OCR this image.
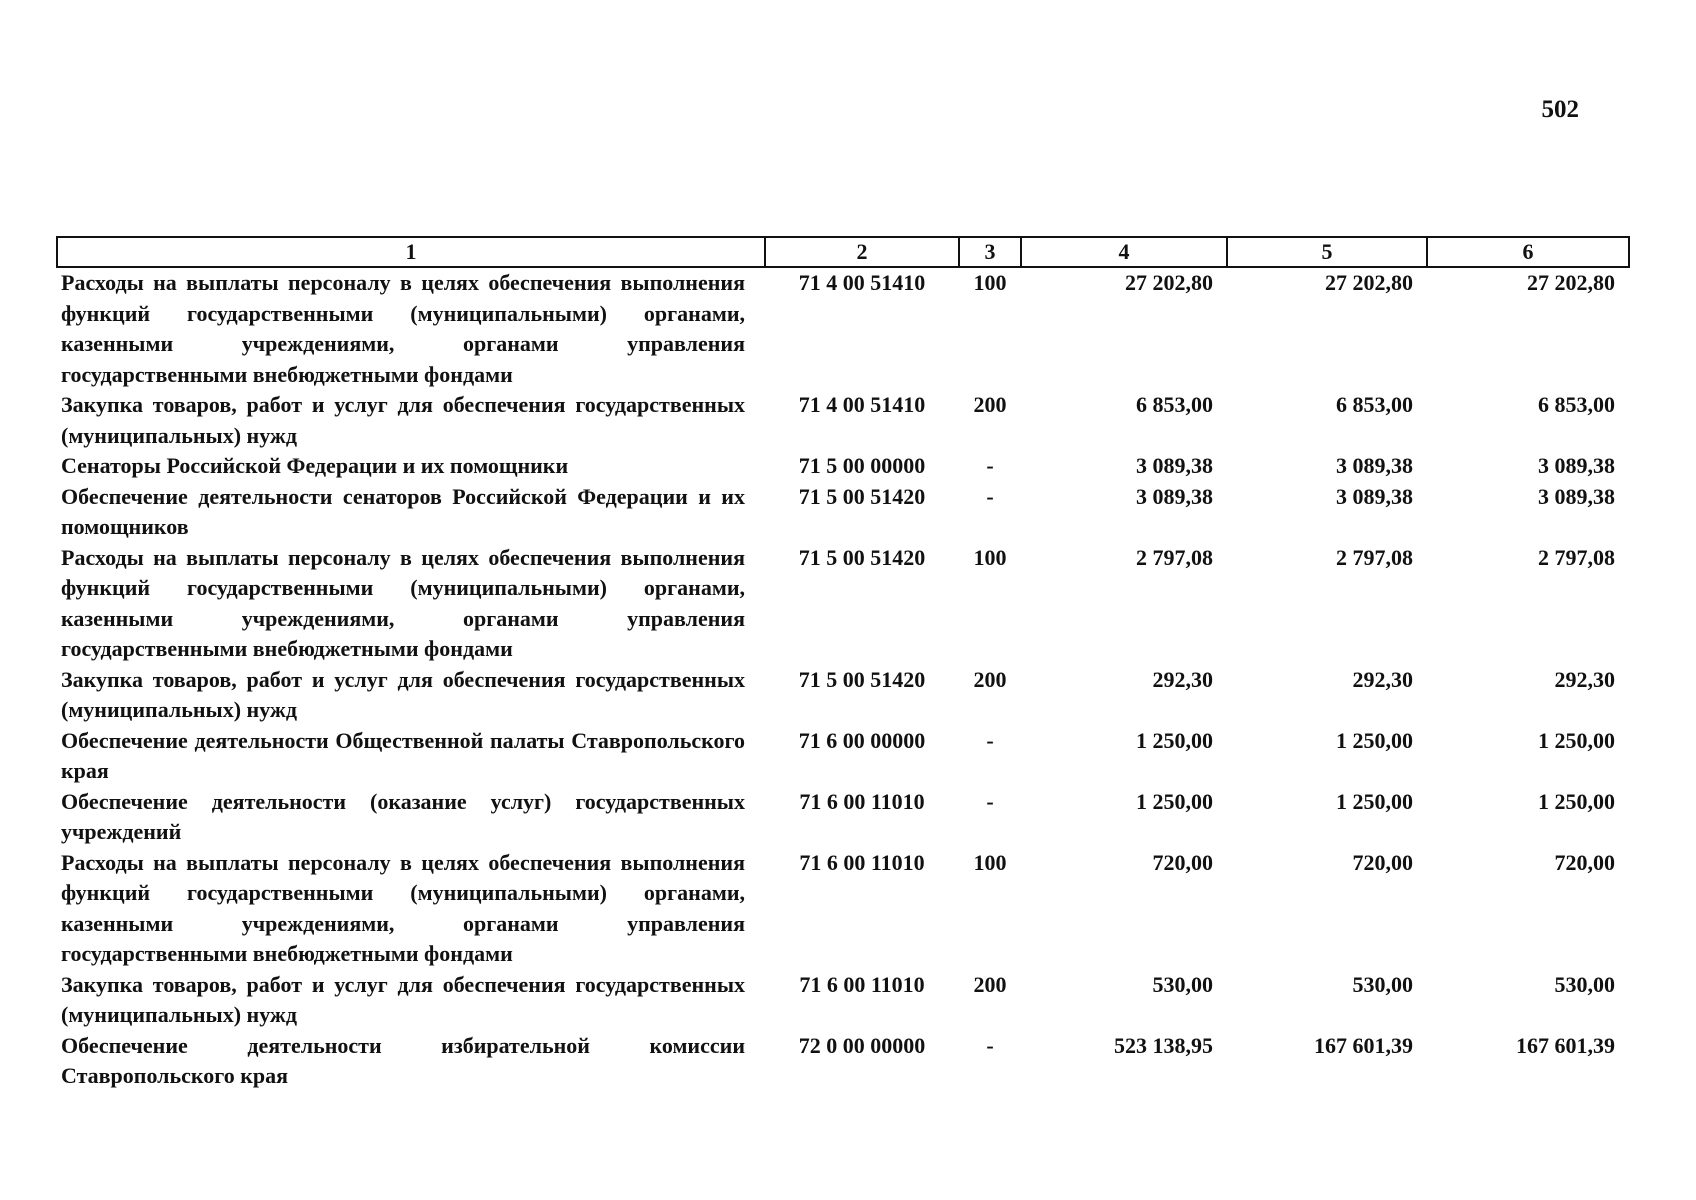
502
1	2	3	4	5	6
Расходы на выплаты персоналу в целях обеспечения выполнения функций государственными (муниципальными) органами, казенными учреждениями, органами управления государственными внебюджетными фондами	71 4 00 51410	100	27 202,80	27 202,80	27 202,80
Закупка товаров, работ и услуг для обеспечения государственных (муниципальных) нужд	71 4 00 51410	200	6 853,00	6 853,00	6 853,00
Сенаторы Российской Федерации и их помощники	71 5 00 00000	-	3 089,38	3 089,38	3 089,38
Обеспечение деятельности сенаторов Российской Федерации и их помощников	71 5 00 51420	-	3 089,38	3 089,38	3 089,38
Расходы на выплаты персоналу в целях обеспечения выполнения функций государственными (муниципальными) органами, казенными учреждениями, органами управления государственными внебюджетными фондами	71 5 00 51420	100	2 797,08	2 797,08	2 797,08
Закупка товаров, работ и услуг для обеспечения государственных (муниципальных) нужд	71 5 00 51420	200	292,30	292,30	292,30
Обеспечение деятельности Общественной палаты Ставропольского края	71 6 00 00000	-	1 250,00	1 250,00	1 250,00
Обеспечение деятельности (оказание услуг) государственных учреждений	71 6 00 11010	-	1 250,00	1 250,00	1 250,00
Расходы на выплаты персоналу в целях обеспечения выполнения функций государственными (муниципальными) органами, казенными учреждениями, органами управления государственными внебюджетными фондами	71 6 00 11010	100	720,00	720,00	720,00
Закупка товаров, работ и услуг для обеспечения государственных (муниципальных) нужд	71 6 00 11010	200	530,00	530,00	530,00
Обеспечение деятельности избирательной комиссии Ставропольского края	72 0 00 00000	-	523 138,95	167 601,39	167 601,39
